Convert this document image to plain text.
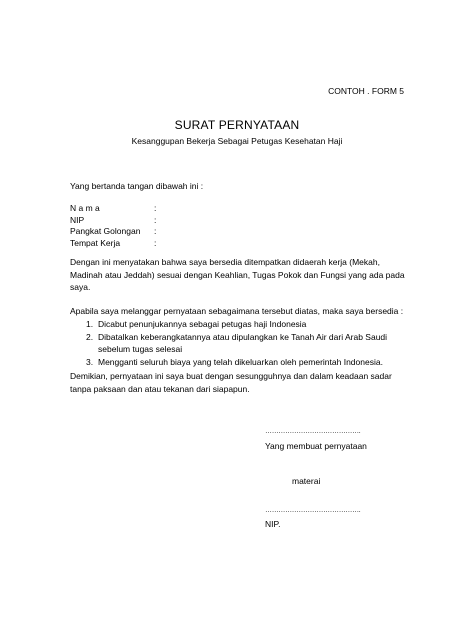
CONTOH . FORM 5
SURAT PERNYATAAN
Kesanggupan Bekerja Sebagai Petugas Kesehatan Haji
Yang bertanda tangan dibawah ini :
N a m a	:
NIP	:
Pangkat Golongan :
Tempat Kerja	:
Dengan ini menyatakan bahwa saya bersedia ditempatkan didaerah kerja (Mekah, Madinah atau Jeddah) sesuai dengan Keahlian, Tugas Pokok dan Fungsi yang ada pada saya.
Apabila saya melanggar pernyataan sebagaimana tersebut diatas, maka saya bersedia :
1. Dicabut penunjukannya sebagai petugas haji Indonesia
2. Dibatalkan keberangkatannya atau dipulangkan ke Tanah Air dari Arab Saudi sebelum tugas selesai
3. Mengganti seluruh biaya yang telah dikeluarkan oleh pemerintah Indonesia.
Demikian, pernyataan ini saya buat dengan sesungguhnya dan dalam keadaan sadar tanpa paksaan dan atau tekanan dari siapapun.
…………………………………….
Yang membuat pernyataan
materai
…………………………………….
NIP.
